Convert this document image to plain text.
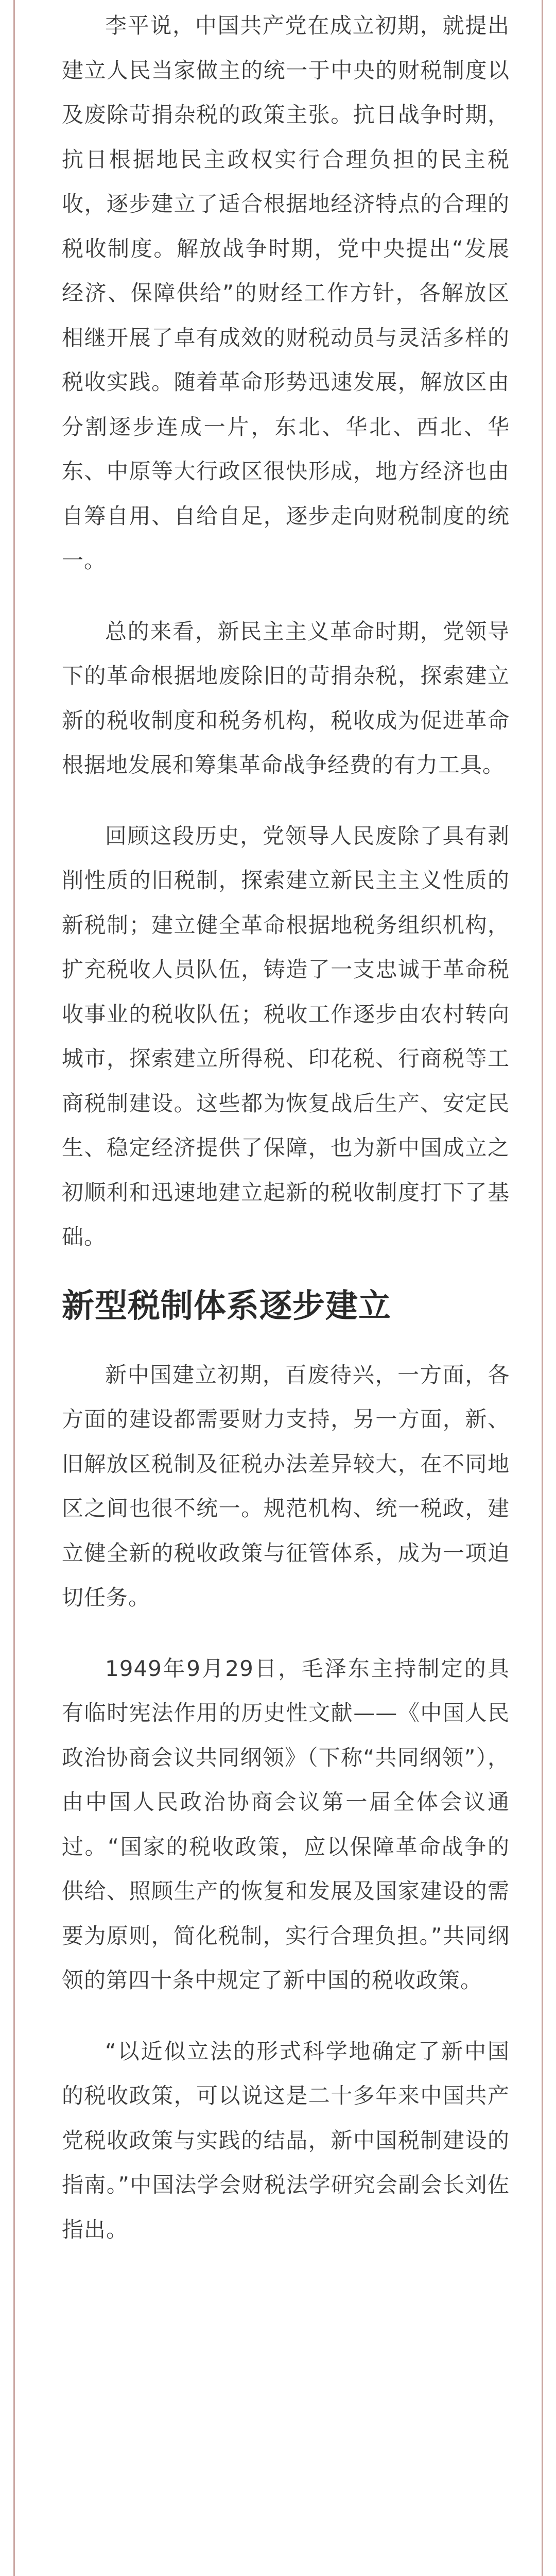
李平说，中国共产党在成立初期，就提出建立人民当家做主的统一于中央的财税制度以及废除苛捐杂税的政策主张。抗日战争时期，抗日根据地民主政权实行合理负担的民主税收，逐步建立了适合根据地经济特点的合理的税收制度。解放战争时期，党中央提出“发展经济、保障供给”的财经工作方针，各解放区相继开展了卓有成效的财税动员与灵活多样的税收实践。随着革命形势迅速发展，解放区由分割逐步连成一片，东北、华北、西北、华东、中原等大行政区很快形成，地方经济也由自筹自用、自给自足，逐步走向财税制度的统一。

总的来看，新民主主义革命时期，党领导下的革命根据地废除旧的苛捐杂税，探索建立新的税收制度和税务机构，税收成为促进革命根据地发展和筹集革命战争经费的有力工具。

回顾这段历史，党领导人民废除了具有剥削性质的旧税制，探索建立新民主主义性质的新税制；建立健全革命根据地税务组织机构，扩充税收人员队伍，铸造了一支忠诚于革命税收事业的税收队伍；税收工作逐步由农村转向城市，探索建立所得税、印花税、行商税等工商税制建设。这些都为恢复战后生产、安定民生、稳定经济提供了保障，也为新中国成立之初顺利和迅速地建立起新的税收制度打下了基础。

新型税制体系逐步建立

新中国建立初期，百废待兴，一方面，各方面的建设都需要财力支持，另一方面，新、旧解放区税制及征税办法差异较大，在不同地区之间也很不统一。规范机构、统一税政，建立健全新的税收政策与征管体系，成为一项迫切任务。

1949年9月29日，毛泽东主持制定的具有临时宪法作用的历史性文献——《中国人民政治协商会议共同纲领》（下称“共同纲领”），由中国人民政治协商会议第一届全体会议通过。“国家的税收政策，应以保障革命战争的供给、照顾生产的恢复和发展及国家建设的需要为原则，简化税制，实行合理负担。”共同纲领的第四十条中规定了新中国的税收政策。

“以近似立法的形式科学地确定了新中国的税收政策，可以说这是二十多年来中国共产党税收政策与实践的结晶，新中国税制建设的指南。”中国法学会财税法学研究会副会长刘佐指出。
